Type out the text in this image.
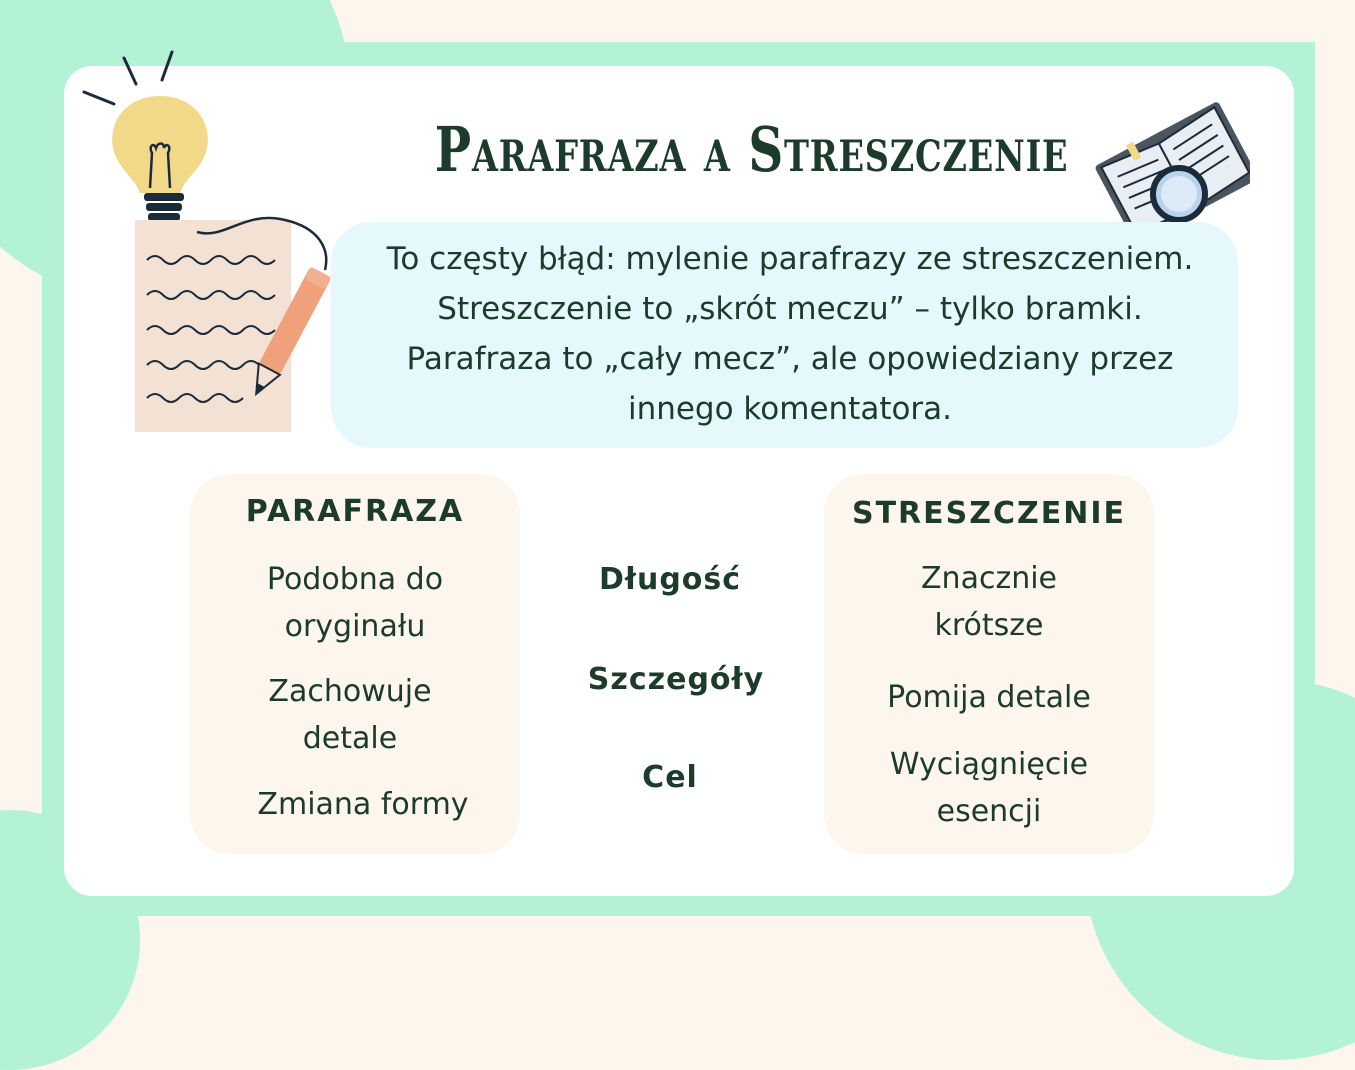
Parafraza a Streszczenie
To częsty błąd: mylenie parafrazy ze streszczeniem. Streszczenie to „skrót meczu” – tylko bramki. Parafraza to „cały mecz”, ale opowiedziany przez innego komentatora.
PARAFRAZA
Podobna do oryginału
Zachowuje detale
Zmiana formy
Długość
Szczegóły
Cel
STRESZCZENIE
Znacznie krótsze
Pomija detale
Wyciągnięcie esencji
